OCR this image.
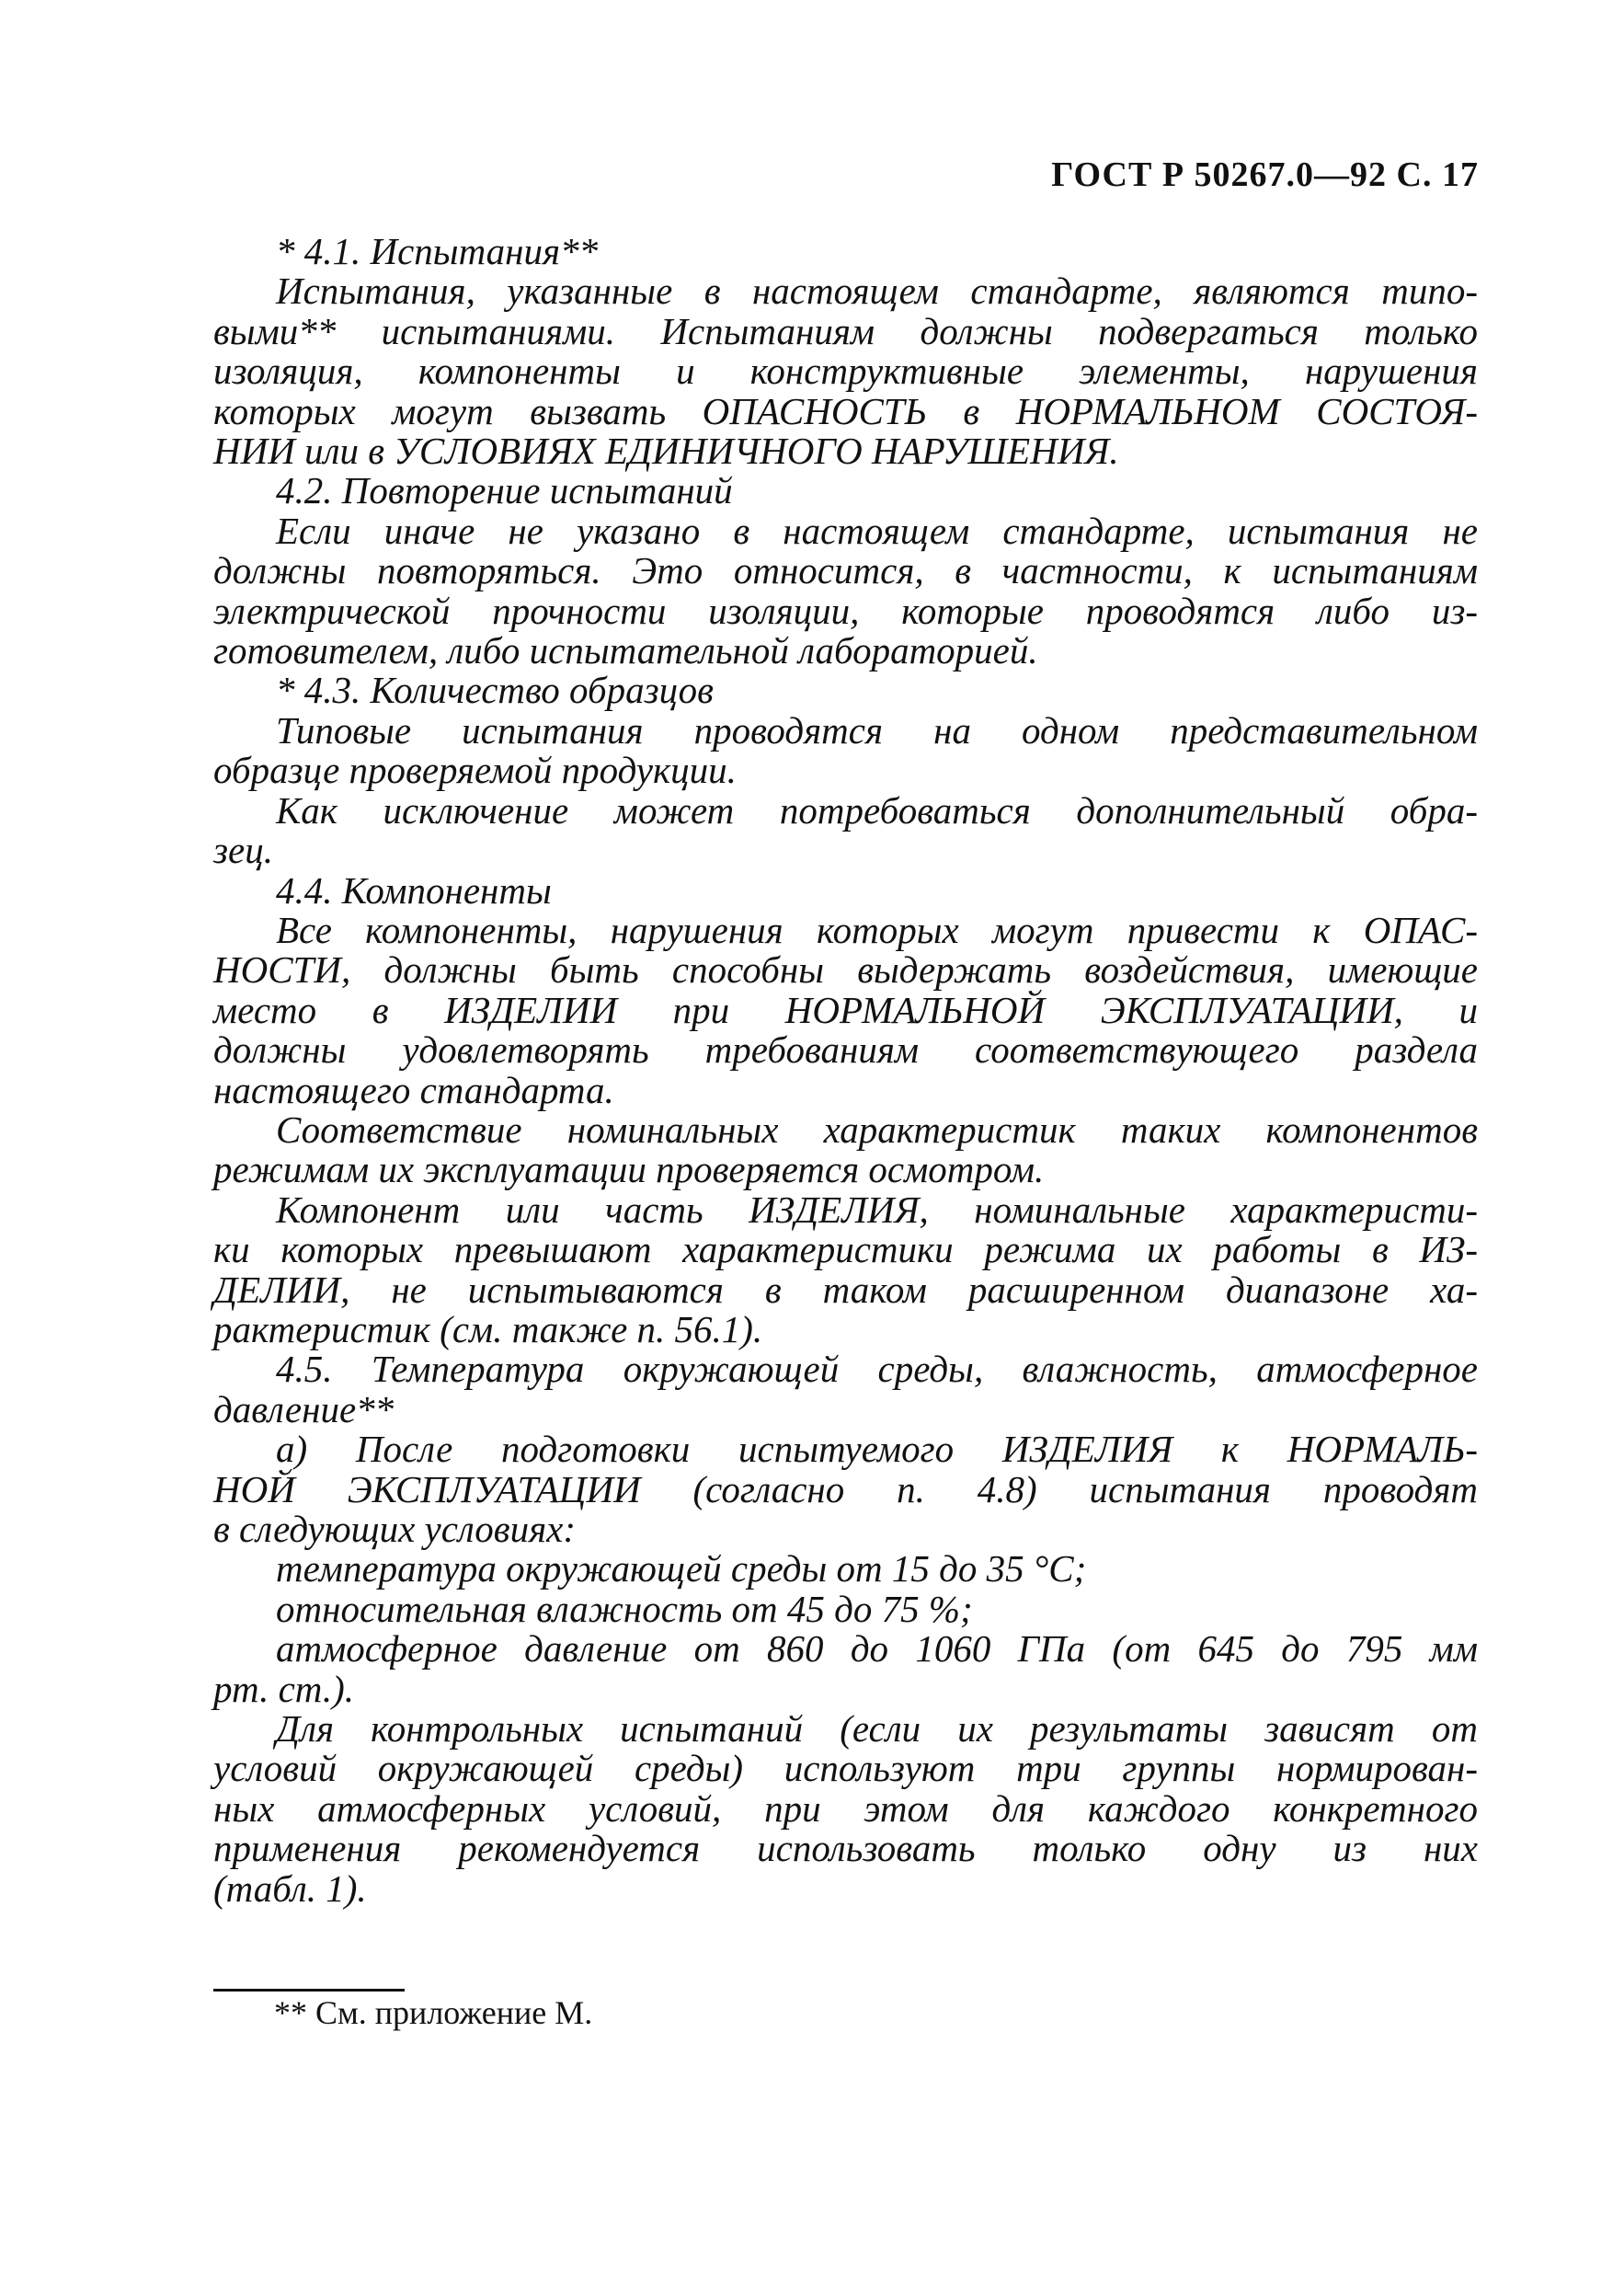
ГОСТ Р 50267.0—92 С. 17
* 4.1. Испытания**
Испытания, указанные в настоящем стандарте, являются типо-
выми** испытаниями. Испытаниям должны подвергаться только
изоляция, компоненты и конструктивные элементы, нарушения
которых могут вызвать ОПАСНОСТЬ в НОРМАЛЬНОМ СОСТОЯ-
НИИ или в УСЛОВИЯХ ЕДИНИЧНОГО НАРУШЕНИЯ.
4.2. Повторение испытаний
Если иначе не указано в настоящем стандарте, испытания не
должны повторяться. Это относится, в частности, к испытаниям
электрической прочности изоляции, которые проводятся либо из-
готовителем, либо испытательной лабораторией.
* 4.3. Количество образцов
Типовые испытания проводятся на одном представительном
образце проверяемой продукции.
Как исключение может потребоваться дополнительный обра-
зец.
4.4. Компоненты
Все компоненты, нарушения которых могут привести к ОПАС-
НОСТИ, должны быть способны выдержать воздействия, имеющие
место в ИЗДЕЛИИ при НОРМАЛЬНОЙ ЭКСПЛУАТАЦИИ, и
должны удовлетворять требованиям соответствующего раздела
настоящего стандарта.
Соответствие номинальных характеристик таких компонентов
режимам их эксплуатации проверяется осмотром.
Компонент или часть ИЗДЕЛИЯ, номинальные характеристи-
ки которых превышают характеристики режима их работы в ИЗ-
ДЕЛИИ, не испытываются в таком расширенном диапазоне ха-
рактеристик (см. также п. 56.1).
4.5. Температура окружающей среды, влажность, атмосферное
давление**
а) После подготовки испытуемого ИЗДЕЛИЯ к НОРМАЛЬ-
НОЙ ЭКСПЛУАТАЦИИ (согласно п. 4.8) испытания проводят
в следующих условиях:
температура окружающей среды от 15 до 35 °C;
относительная влажность от 45 до 75 %;
атмосферное давление от 860 до 1060 ГПа (от 645 до 795 мм
рт. ст.).
Для контрольных испытаний (если их результаты зависят от
условий окружающей среды) используют три группы нормирован-
ных атмосферных условий, при этом для каждого конкретного
применения рекомендуется использовать только одну из них
(табл. 1).
** См. приложение М.
